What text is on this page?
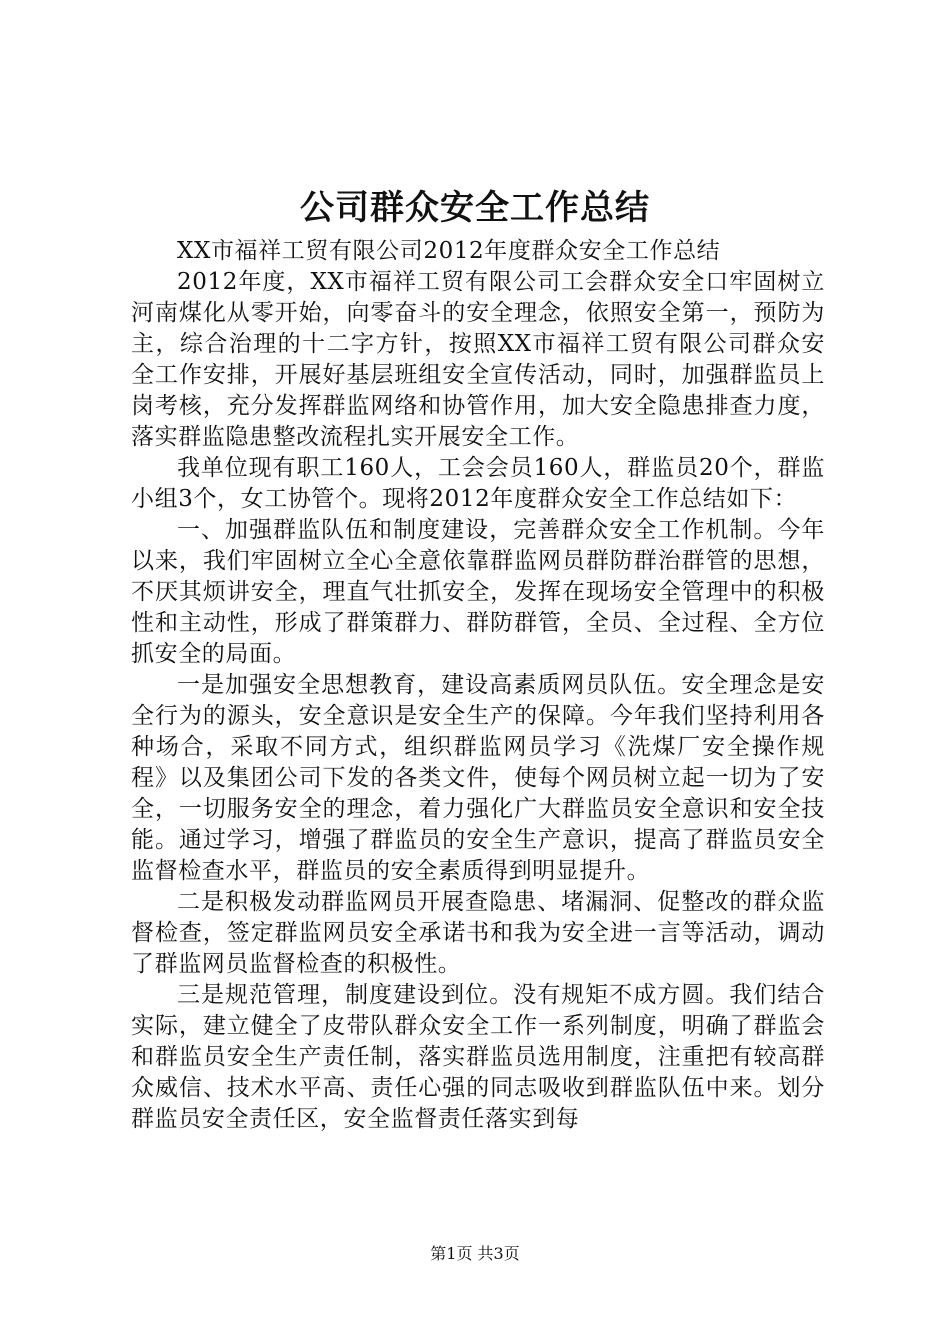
公司群众安全工作总结

XX市福祥工贸有限公司2012年度群众安全工作总结

2012年度，XX市福祥工贸有限公司工会群众安全口牢固树立河南煤化从零开始，向零奋斗的安全理念，依照安全第一，预防为主，综合治理的十二字方针，按照XX市福祥工贸有限公司群众安全工作安排，开展好基层班组安全宣传活动，同时，加强群监员上岗考核，充分发挥群监网络和协管作用，加大安全隐患排查力度，落实群监隐患整改流程扎实开展安全工作。

我单位现有职工160人，工会会员160人，群监员20个，群监小组3个，女工协管个。现将2012年度群众安全工作总结如下：

一、加强群监队伍和制度建设，完善群众安全工作机制。今年以来，我们牢固树立全心全意依靠群监网员群防群治群管的思想，不厌其烦讲安全，理直气壮抓安全，发挥在现场安全管理中的积极性和主动性，形成了群策群力、群防群管，全员、全过程、全方位抓安全的局面。

一是加强安全思想教育，建设高素质网员队伍。安全理念是安全行为的源头，安全意识是安全生产的保障。今年我们坚持利用各种场合，采取不同方式，组织群监网员学习《洗煤厂安全操作规程》以及集团公司下发的各类文件，使每个网员树立起一切为了安全，一切服务安全的理念，着力强化广大群监员安全意识和安全技能。通过学习，增强了群监员的安全生产意识，提高了群监员安全监督检查水平，群监员的安全素质得到明显提升。

二是积极发动群监网员开展查隐患、堵漏洞、促整改的群众监督检查，签定群监网员安全承诺书和我为安全进一言等活动，调动了群监网员监督检查的积极性。

三是规范管理，制度建设到位。没有规矩不成方圆。我们结合实际，建立健全了皮带队群众安全工作一系列制度，明确了群监会和群监员安全生产责任制，落实群监员选用制度，注重把有较高群众威信、技术水平高、责任心强的同志吸收到群监队伍中来。划分群监员安全责任区，安全监督责任落实到每

第1页 共3页
